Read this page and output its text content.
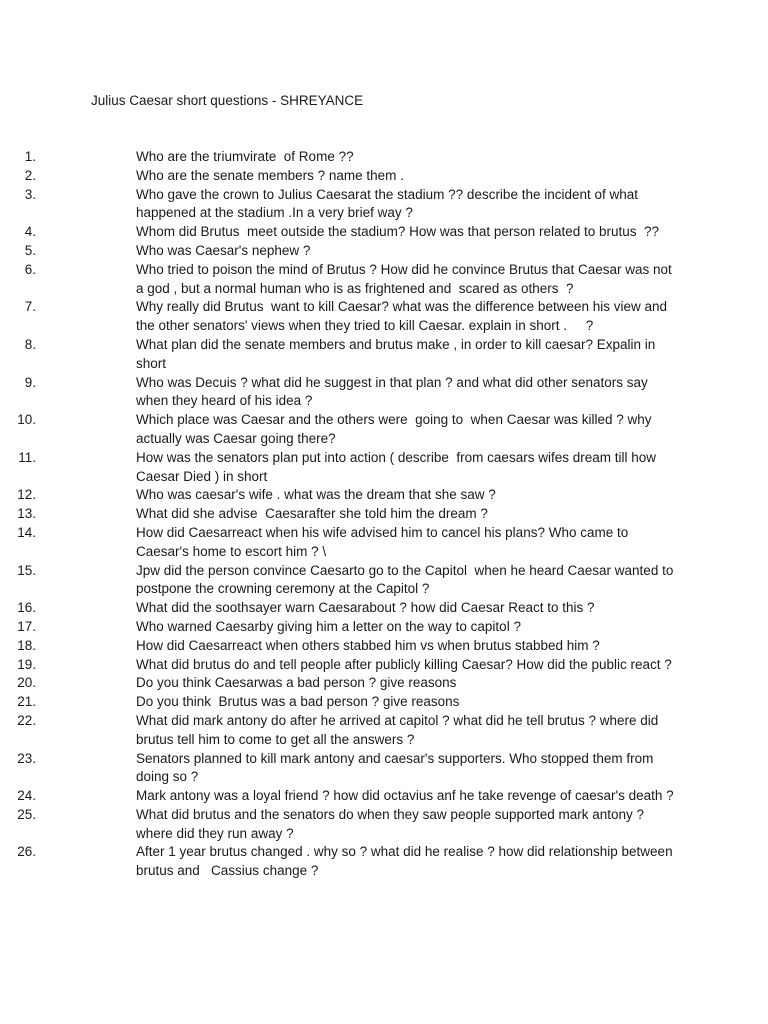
Julius Caesar short questions - SHREYANCE
1.	Who are the triumvirate  of Rome ??
2.	Who are the senate members ? name them .
3.	Who gave the crown to Julius Caesarat the stadium ?? describe the incident of what happened at the stadium .In a very brief way ?
4.	Whom did Brutus  meet outside the stadium? How was that person related to brutus  ??
5.	Who was Caesar's nephew ?
6.	Who tried to poison the mind of Brutus ? How did he convince Brutus that Caesar was not a god , but a normal human who is as frightened and  scared as others  ?
7.	Why really did Brutus  want to kill Caesar? what was the difference between his view and the other senators' views when they tried to kill Caesar. explain in short .     ?
8.	What plan did the senate members and brutus make , in order to kill caesar? Expalin in short
9.	Who was Decuis ? what did he suggest in that plan ? and what did other senators say when they heard of his idea ?
10.	Which place was Caesar and the others were  going to  when Caesar was killed ? why actually was Caesar going there?
11.	How was the senators plan put into action ( describe  from caesars wifes dream till how Caesar Died ) in short
12.	Who was caesar's wife . what was the dream that she saw ?
13.	What did she advise  Caesarafter she told him the dream ?
14.	How did Caesarreact when his wife advised him to cancel his plans? Who came to Caesar's home to escort him ? \
15.	Jpw did the person convince Caesarto go to the Capitol  when he heard Caesar wanted to  postpone the crowning ceremony at the Capitol ?
16.	What did the soothsayer warn Caesarabout ? how did Caesar React to this ?
17.	Who warned Caesarby giving him a letter on the way to capitol ?
18.	How did Caesarreact when others stabbed him vs when brutus stabbed him ?
19.	What did brutus do and tell people after publicly killing Caesar? How did the public react ?
20.	Do you think Caesarwas a bad person ? give reasons
21.	Do you think  Brutus was a bad person ? give reasons
22.	What did mark antony do after he arrived at capitol ? what did he tell brutus ? where did brutus tell him to come to get all the answers ?
23.	Senators planned to kill mark antony and caesar's supporters. Who stopped them from doing so ?
24.	Mark antony was a loyal friend ? how did octavius anf he take revenge of caesar's death ?
25.	What did brutus and the senators do when they saw people supported mark antony ? where did they run away ?
26.	After 1 year brutus changed . why so ? what did he realise ? how did relationship between brutus and   Cassius change ?
